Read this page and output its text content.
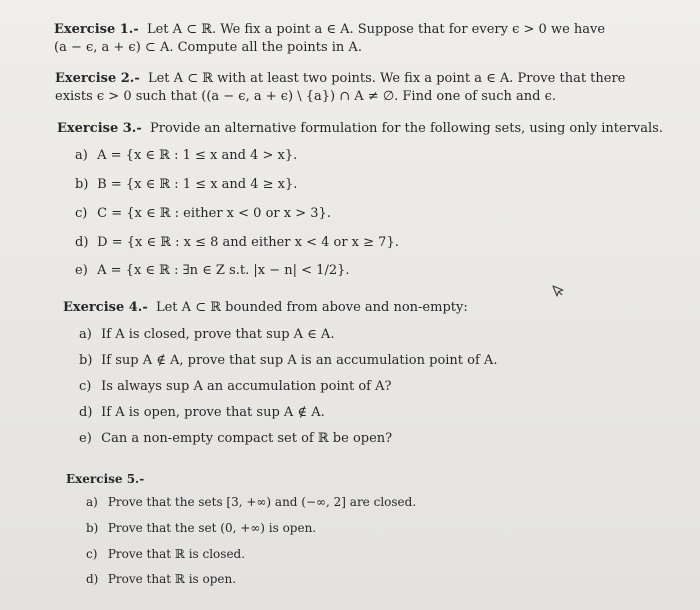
Exercise 1.- Let A ⊂ ℝ. We fix a point a ∈ A. Suppose that for every ϵ > 0 we have
(a − ϵ, a + ϵ) ⊂ A. Compute all the points in A.
Exercise 2.- Let A ⊂ ℝ with at least two points. We fix a point a ∈ A. Prove that there
exists ϵ > 0 such that ((a − ϵ, a + ϵ) \ {a}) ∩ A ≠ ∅. Find one of such and ϵ.
Exercise 3.- Provide an alternative formulation for the following sets, using only intervals.
a) A = {x ∈ ℝ : 1 ≤ x and 4 > x}.
b) B = {x ∈ ℝ : 1 ≤ x and 4 ≥ x}.
c) C = {x ∈ ℝ : either x < 0 or x > 3}.
d) D = {x ∈ ℝ : x ≤ 8 and either x < 4 or x ≥ 7}.
e) A = {x ∈ ℝ : ∃n ∈ Z s.t. |x − n| < 1/2}.
Exercise 4.- Let A ⊂ ℝ bounded from above and non-empty:
a) If A is closed, prove that sup A ∈ A.
b) If sup A ∉ A, prove that sup A is an accumulation point of A.
c) Is always sup A an accumulation point of A?
d) If A is open, prove that sup A ∉ A.
e) Can a non-empty compact set of ℝ be open?
Exercise 5.-
a) Prove that the sets [3, +∞) and (−∞, 2] are closed.
b) Prove that the set (0, +∞) is open.
c) Prove that ℝ is closed.
d) Prove that ℝ is open.
